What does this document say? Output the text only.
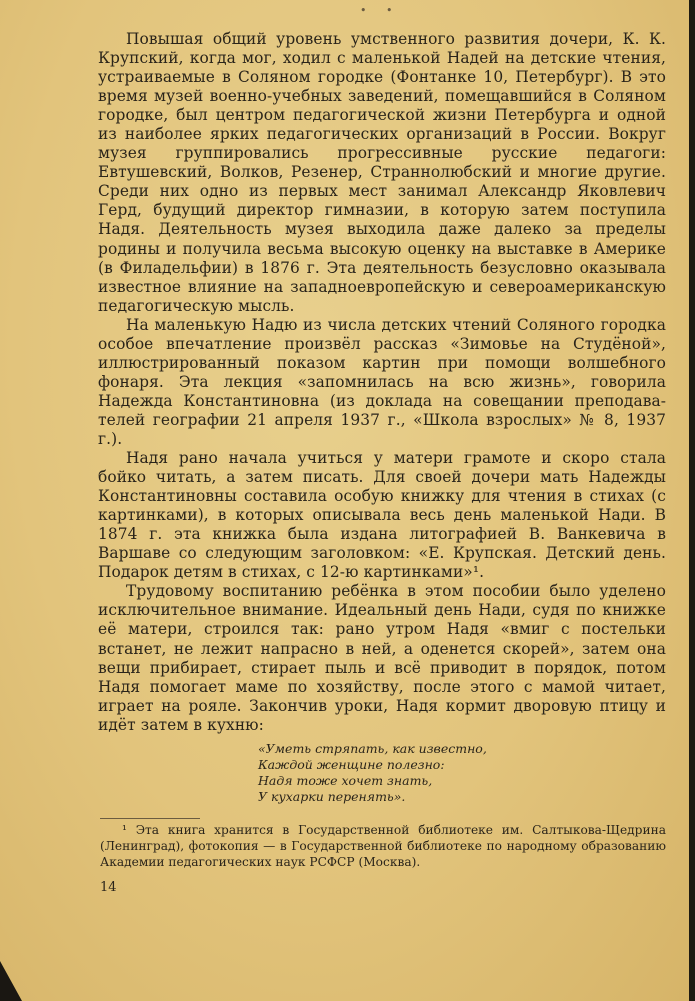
• •

Повышая общий уровень умственного развития дочери, К. К. Крупский, когда мог, ходил с маленькой Надей на детские чтения, устраиваемые в Соляном городке (Фонтанке 10, Петербург). В это время музей военно-учебных заведений, помещавшийся в Соляном городке, был центром педагогической жизни Петербурга и одной из наиболее ярких педагогических организаций в России. Вокруг музея группировались прогрессивные русские педагоги: Евтушевский, Волков, Резенер, Страннолюбский и многие другие. Среди них одно из первых мест занимал Александр Яковлевич Герд, будущий директор гимназии, в которую затем поступила Надя. Деятельность музея выходила даже далеко за пределы родины и получила весьма высокую оценку на выставке в Америке (в Филадельфии) в 1876 г. Эта деятельность безусловно оказывала известное влияние на западноевропейскую и североамериканскую педагогическую мысль.

На маленькую Надю из числа детских чтений Соляного городка особое впечатление произвёл рассказ «Зимовье на Студёной», иллюстрированный показом картин при помощи волшебного фонаря. Эта лекция «запомнилась на всю жизнь», говорила Надежда Константиновна (из доклада на совещании преподавателей географии 21 апреля 1937 г., «Школа взрослых» № 8, 1937 г.).

Надя рано начала учиться у матери грамоте и скоро стала бойко читать, а затем писать. Для своей дочери мать Надежды Константиновны составила особую книжку для чтения в стихах (с картинками), в которых описывала весь день маленькой Нади. В 1874 г. эта книжка была издана литографией В. Ванкевича в Варшаве со следующим заголовком: «Е. Крупская. Детский день. Подарок детям в стихах, с 12-ю картинками»¹.

Трудовому воспитанию ребёнка в этом пособии было уделено исключительное внимание. Идеальный день Нади, судя по книжке её матери, строился так: рано утром Надя «вмиг с постельки встанет, не лежит напрасно в ней, а оденется скорей», затем она вещи прибирает, стирает пыль и всё приводит в порядок, потом Надя помогает маме по хозяйству, после этого с мамой читает, играет на рояле. Закончив уроки, Надя кормит дворовую птицу и идёт затем в кухню:

«Уметь стряпать, как известно,
Каждой женщине полезно:
Надя тоже хочет знать,
У кухарки перенять».
¹ Эта книга хранится в Государственной библиотеке им. Салтыкова-Щедрина (Ленинград), фотокопия — в Государственной библиотеке по народному образованию Академии педагогических наук РСФСР (Москва).
14
